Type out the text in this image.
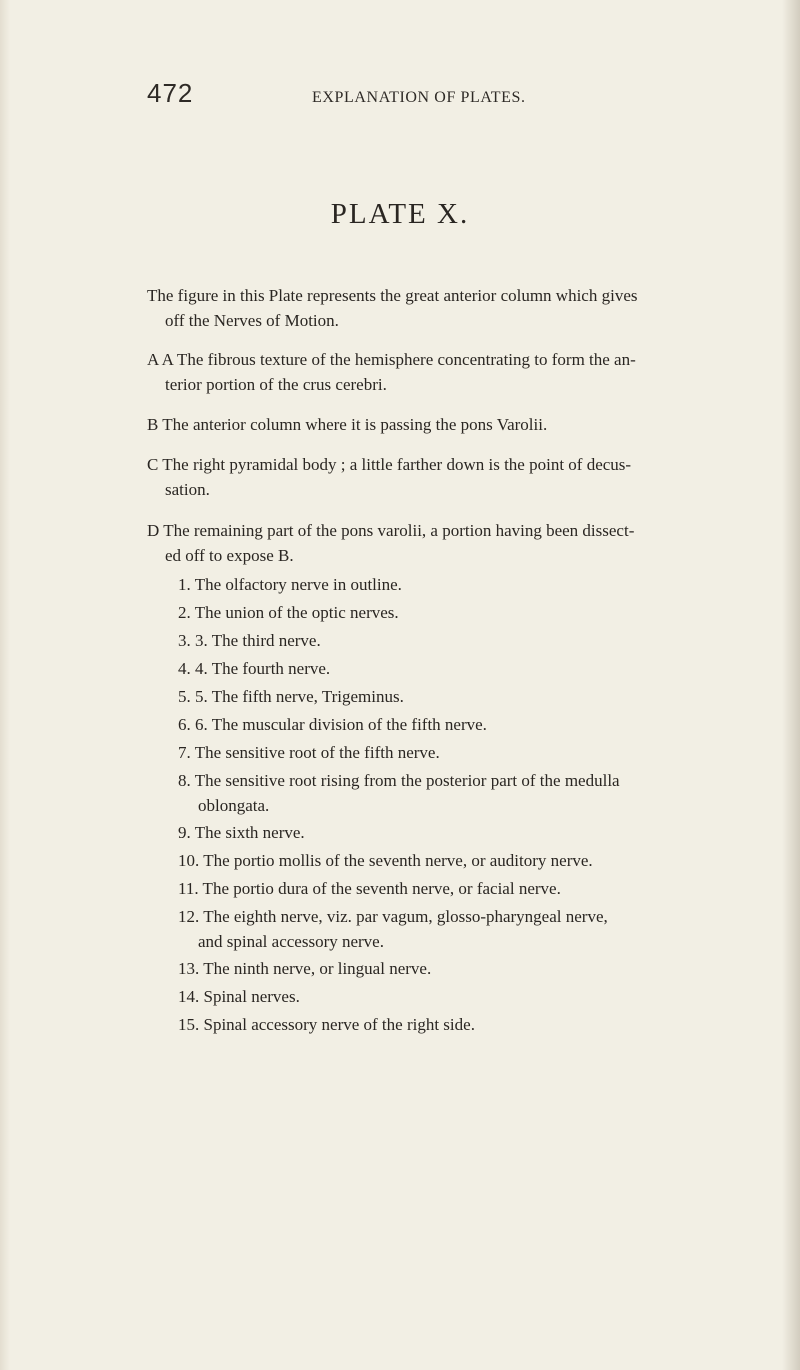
472	EXPLANATION OF PLATES.
PLATE X.

The figure in this Plate represents the great anterior column which gives
off the Nerves of Motion.

A A The fibrous texture of the hemisphere concentrating to form the an-
terior portion of the crus cerebri.

B The anterior column where it is passing the pons Varolii.

C The right pyramidal body ; a little farther down is the point of decus-
sation.

D The remaining part of the pons varolii, a portion having been dissect-
ed off to expose B.

1. The olfactory nerve in outline.

2. The union of the optic nerves.

3. 3. The third nerve.

4. 4. The fourth nerve.

5. 5. The fifth nerve, Trigeminus.

6. 6. The muscular division of the fifth nerve.

7. The sensitive root of the fifth nerve.

8. The sensitive root rising from the posterior part of the medulla
oblongata.

9. The sixth nerve.

10. The portio mollis of the seventh nerve, or auditory nerve.

11. The portio dura of the seventh nerve, or facial nerve.

12. The eighth nerve, viz. par vagum, glosso-pharyngeal nerve,
and spinal accessory nerve.

13. The ninth nerve, or lingual nerve.

14. Spinal nerves.

15. Spinal accessory nerve of the right side.
